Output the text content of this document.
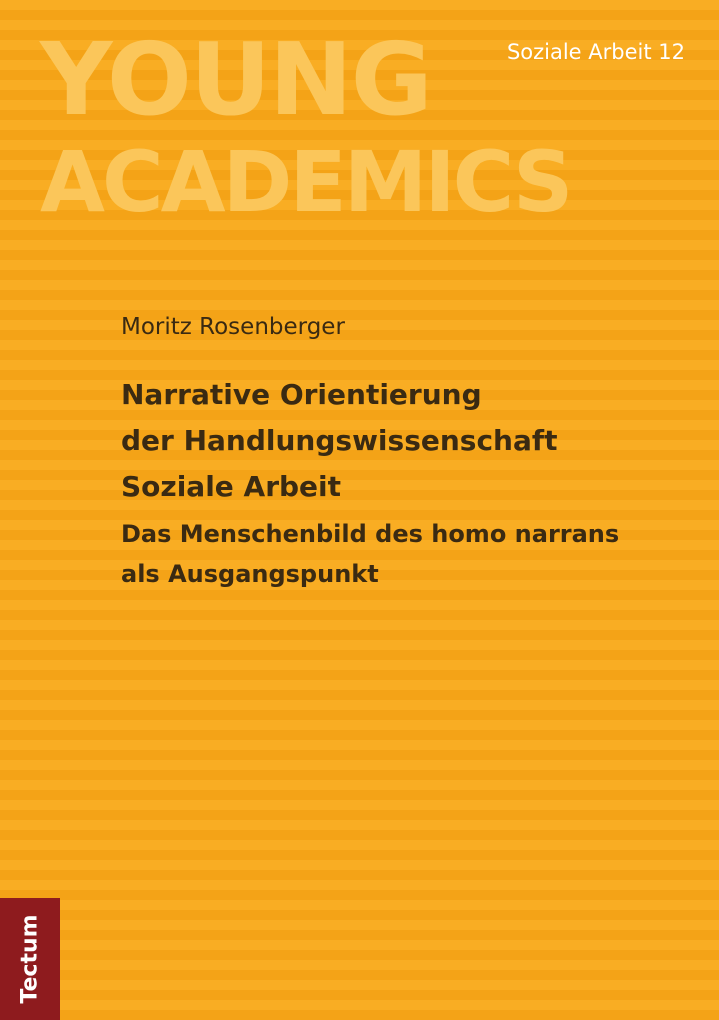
YOUNG
ACADEMICS
Soziale Arbeit 12
Moritz Rosenberger
Narrative Orientierung
der Handlungswissenschaft
Soziale Arbeit
Das Menschenbild des homo narrans
als Ausgangspunkt
Tectum
